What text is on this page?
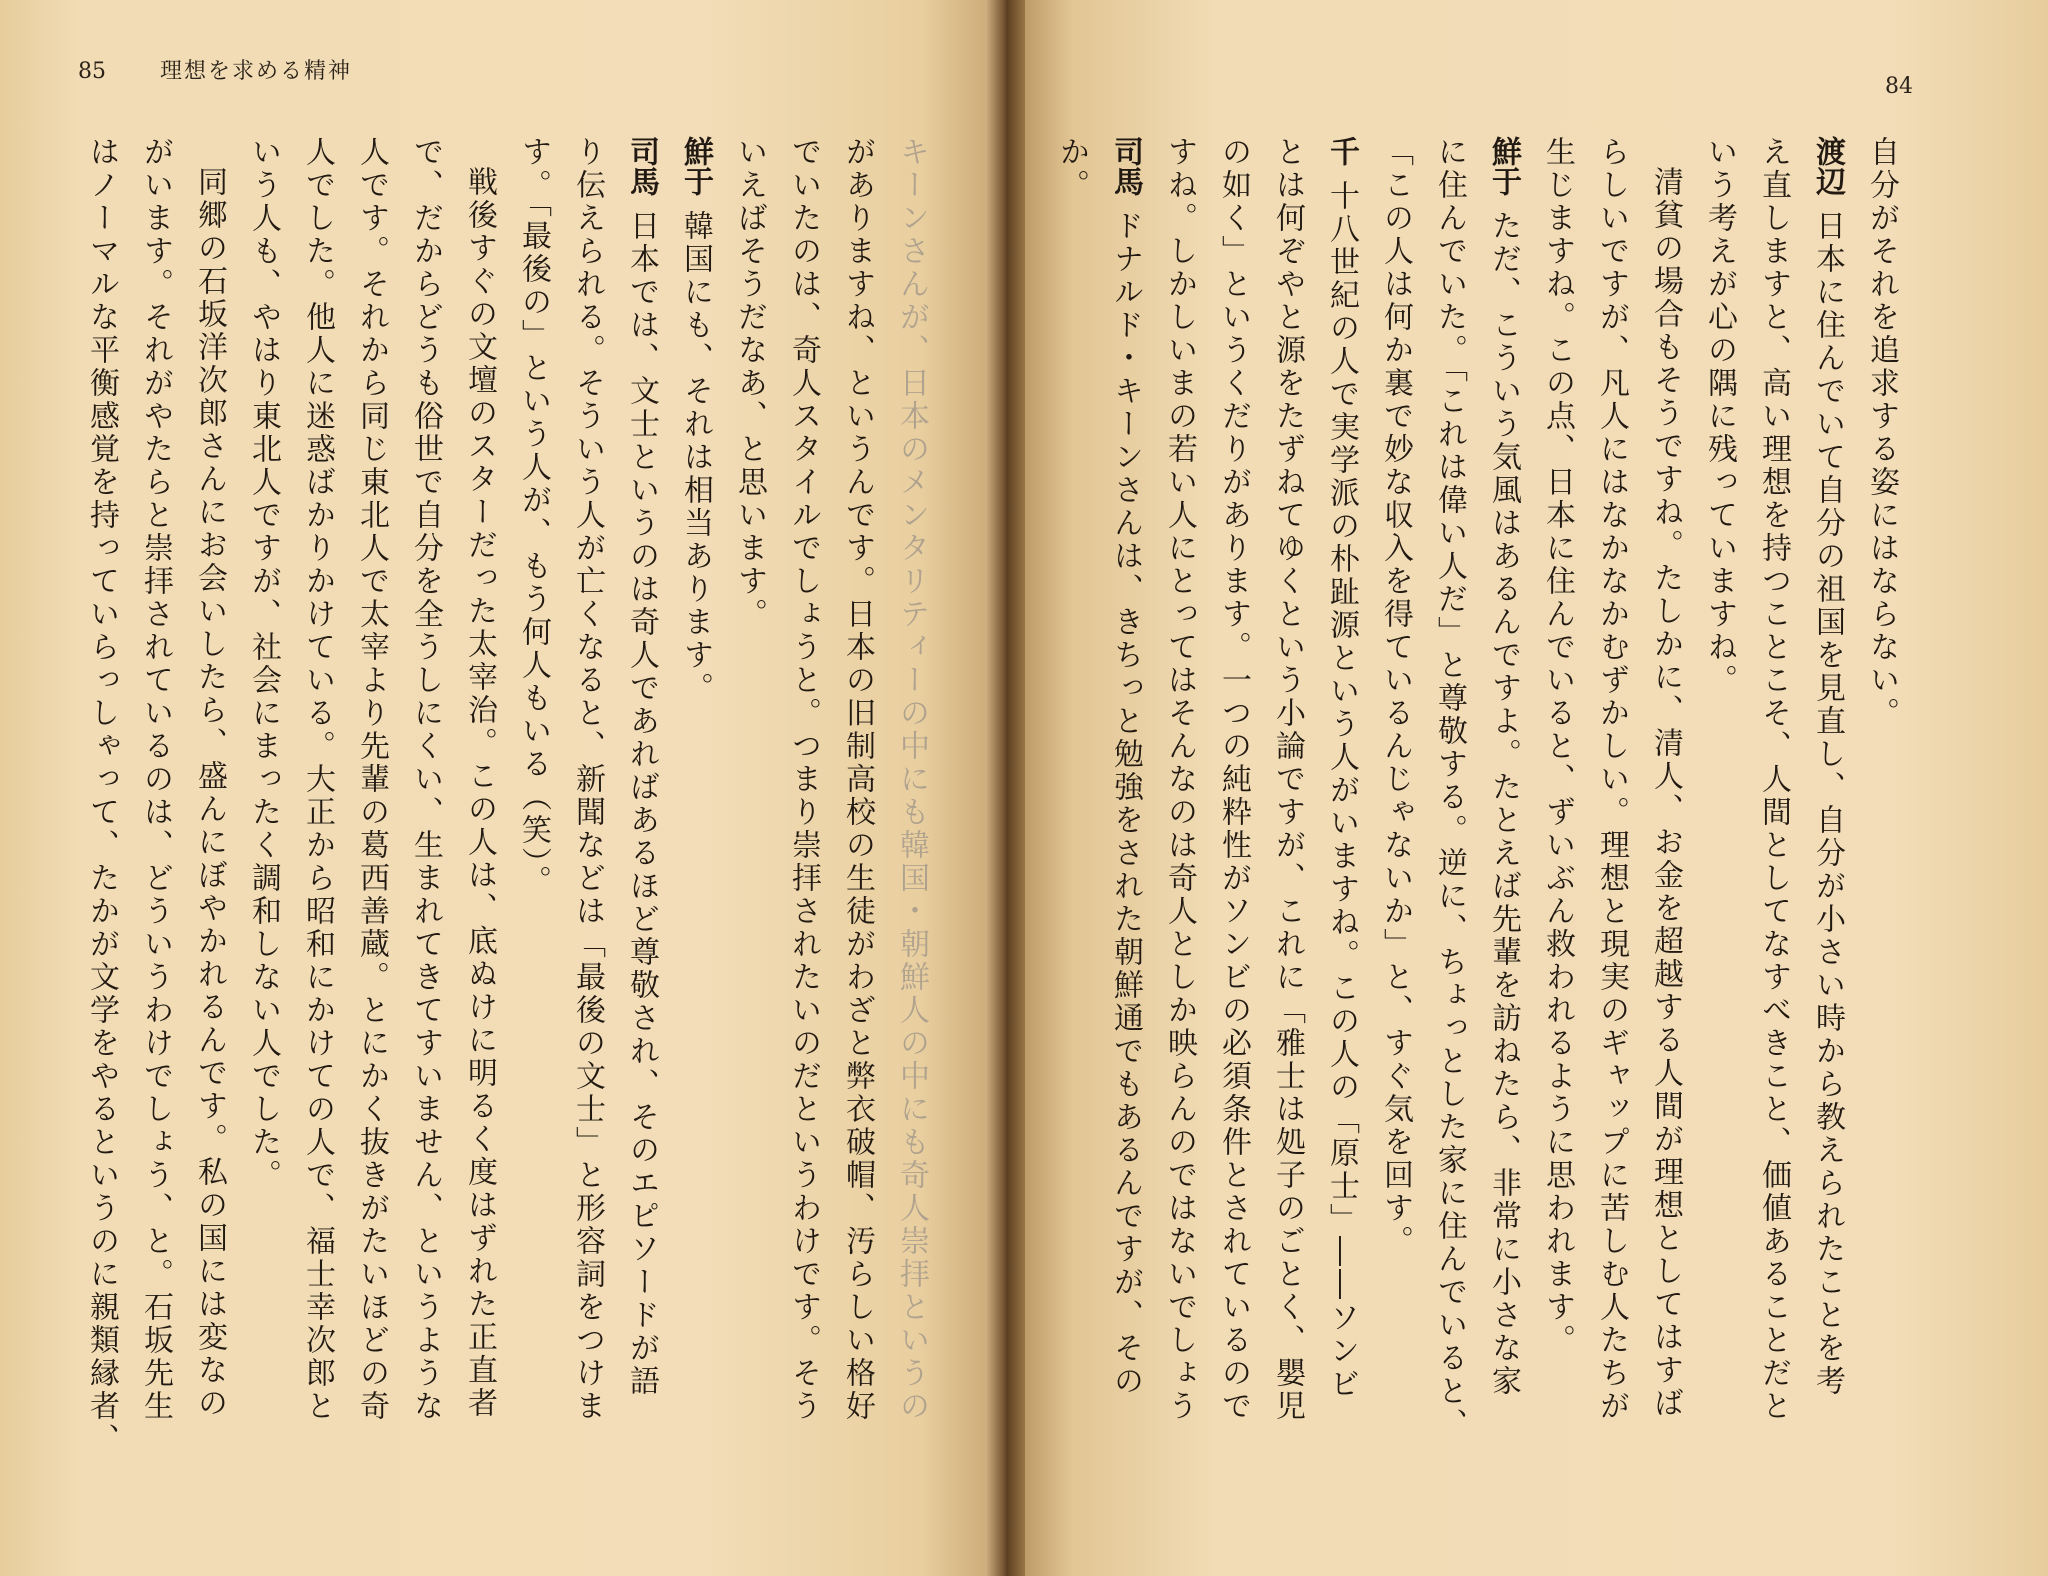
85 理想を求める精神
84
キーンさんが、日本のメンタリティーの中にも韓国・朝鮮人の中にも奇人崇拝というの
がありますね、というんです。日本の旧制高校の生徒がわざと弊衣破帽、汚らしい格好
でいたのは、奇人スタイルでしょうと。つまり崇拝されたいのだというわけです。そう
いえばそうだなあ、と思います。
鮮于韓国にも、それは相当あります。
司馬日本では、文士というのは奇人であればあるほど尊敬され、そのエピソードが語
り伝えられる。そういう人が亡くなると、新聞などは「最後の文士」と形容詞をつけま
す。「最後の」という人が、もう何人もいる（笑）。
戦後すぐの文壇のスターだった太宰治。この人は、底ぬけに明るく度はずれた正直者
で、だからどうも俗世で自分を全うしにくい、生まれてきてすいません、というような
人です。それから同じ東北人で太宰より先輩の葛西善蔵。とにかく抜きがたいほどの奇
人でした。他人に迷惑ばかりかけている。大正から昭和にかけての人で、福士幸次郎と
いう人も、やはり東北人ですが、社会にまったく調和しない人でした。
同郷の石坂洋次郎さんにお会いしたら、盛んにぼやかれるんです。私の国には変なの
がいます。それがやたらと崇拝されているのは、どういうわけでしょう、と。石坂先生
はノーマルな平衡感覚を持っていらっしゃって、たかが文学をやるというのに親類縁者、	自分がそれを追求する姿にはならない。
渡辺日本に住んでいて自分の祖国を見直し、自分が小さい時から教えられたことを考
え直しますと、高い理想を持つことこそ、人間としてなすべきこと、価値あることだと
いう考えが心の隅に残っていますね。
清貧の場合もそうですね。たしかに、清人、お金を超越する人間が理想としてはすば
らしいですが、凡人にはなかなかむずかしい。理想と現実のギャップに苦しむ人たちが
生じますね。この点、日本に住んでいると、ずいぶん救われるように思われます。
鮮于ただ、こういう気風はあるんですよ。たとえば先輩を訪ねたら、非常に小さな家
に住んでいた。「これは偉い人だ」と尊敬する。逆に、ちょっとした家に住んでいると、
「この人は何か裏で妙な収入を得ているんじゃないか」と、すぐ気を回す。
千十八世紀の人で実学派の朴趾源という人がいますね。この人の「原士」――ソンビ
とは何ぞやと源をたずねてゆくという小論ですが、これに「雅士は処子のごとく、嬰児
の如く」というくだりがあります。一つの純粋性がソンビの必須条件とされているので
すね。しかしいまの若い人にとってはそんなのは奇人としか映らんのではないでしょう
司馬ドナルド・キーンさんは、きちっと勉強をされた朝鮮通でもあるんですが、その
か。
